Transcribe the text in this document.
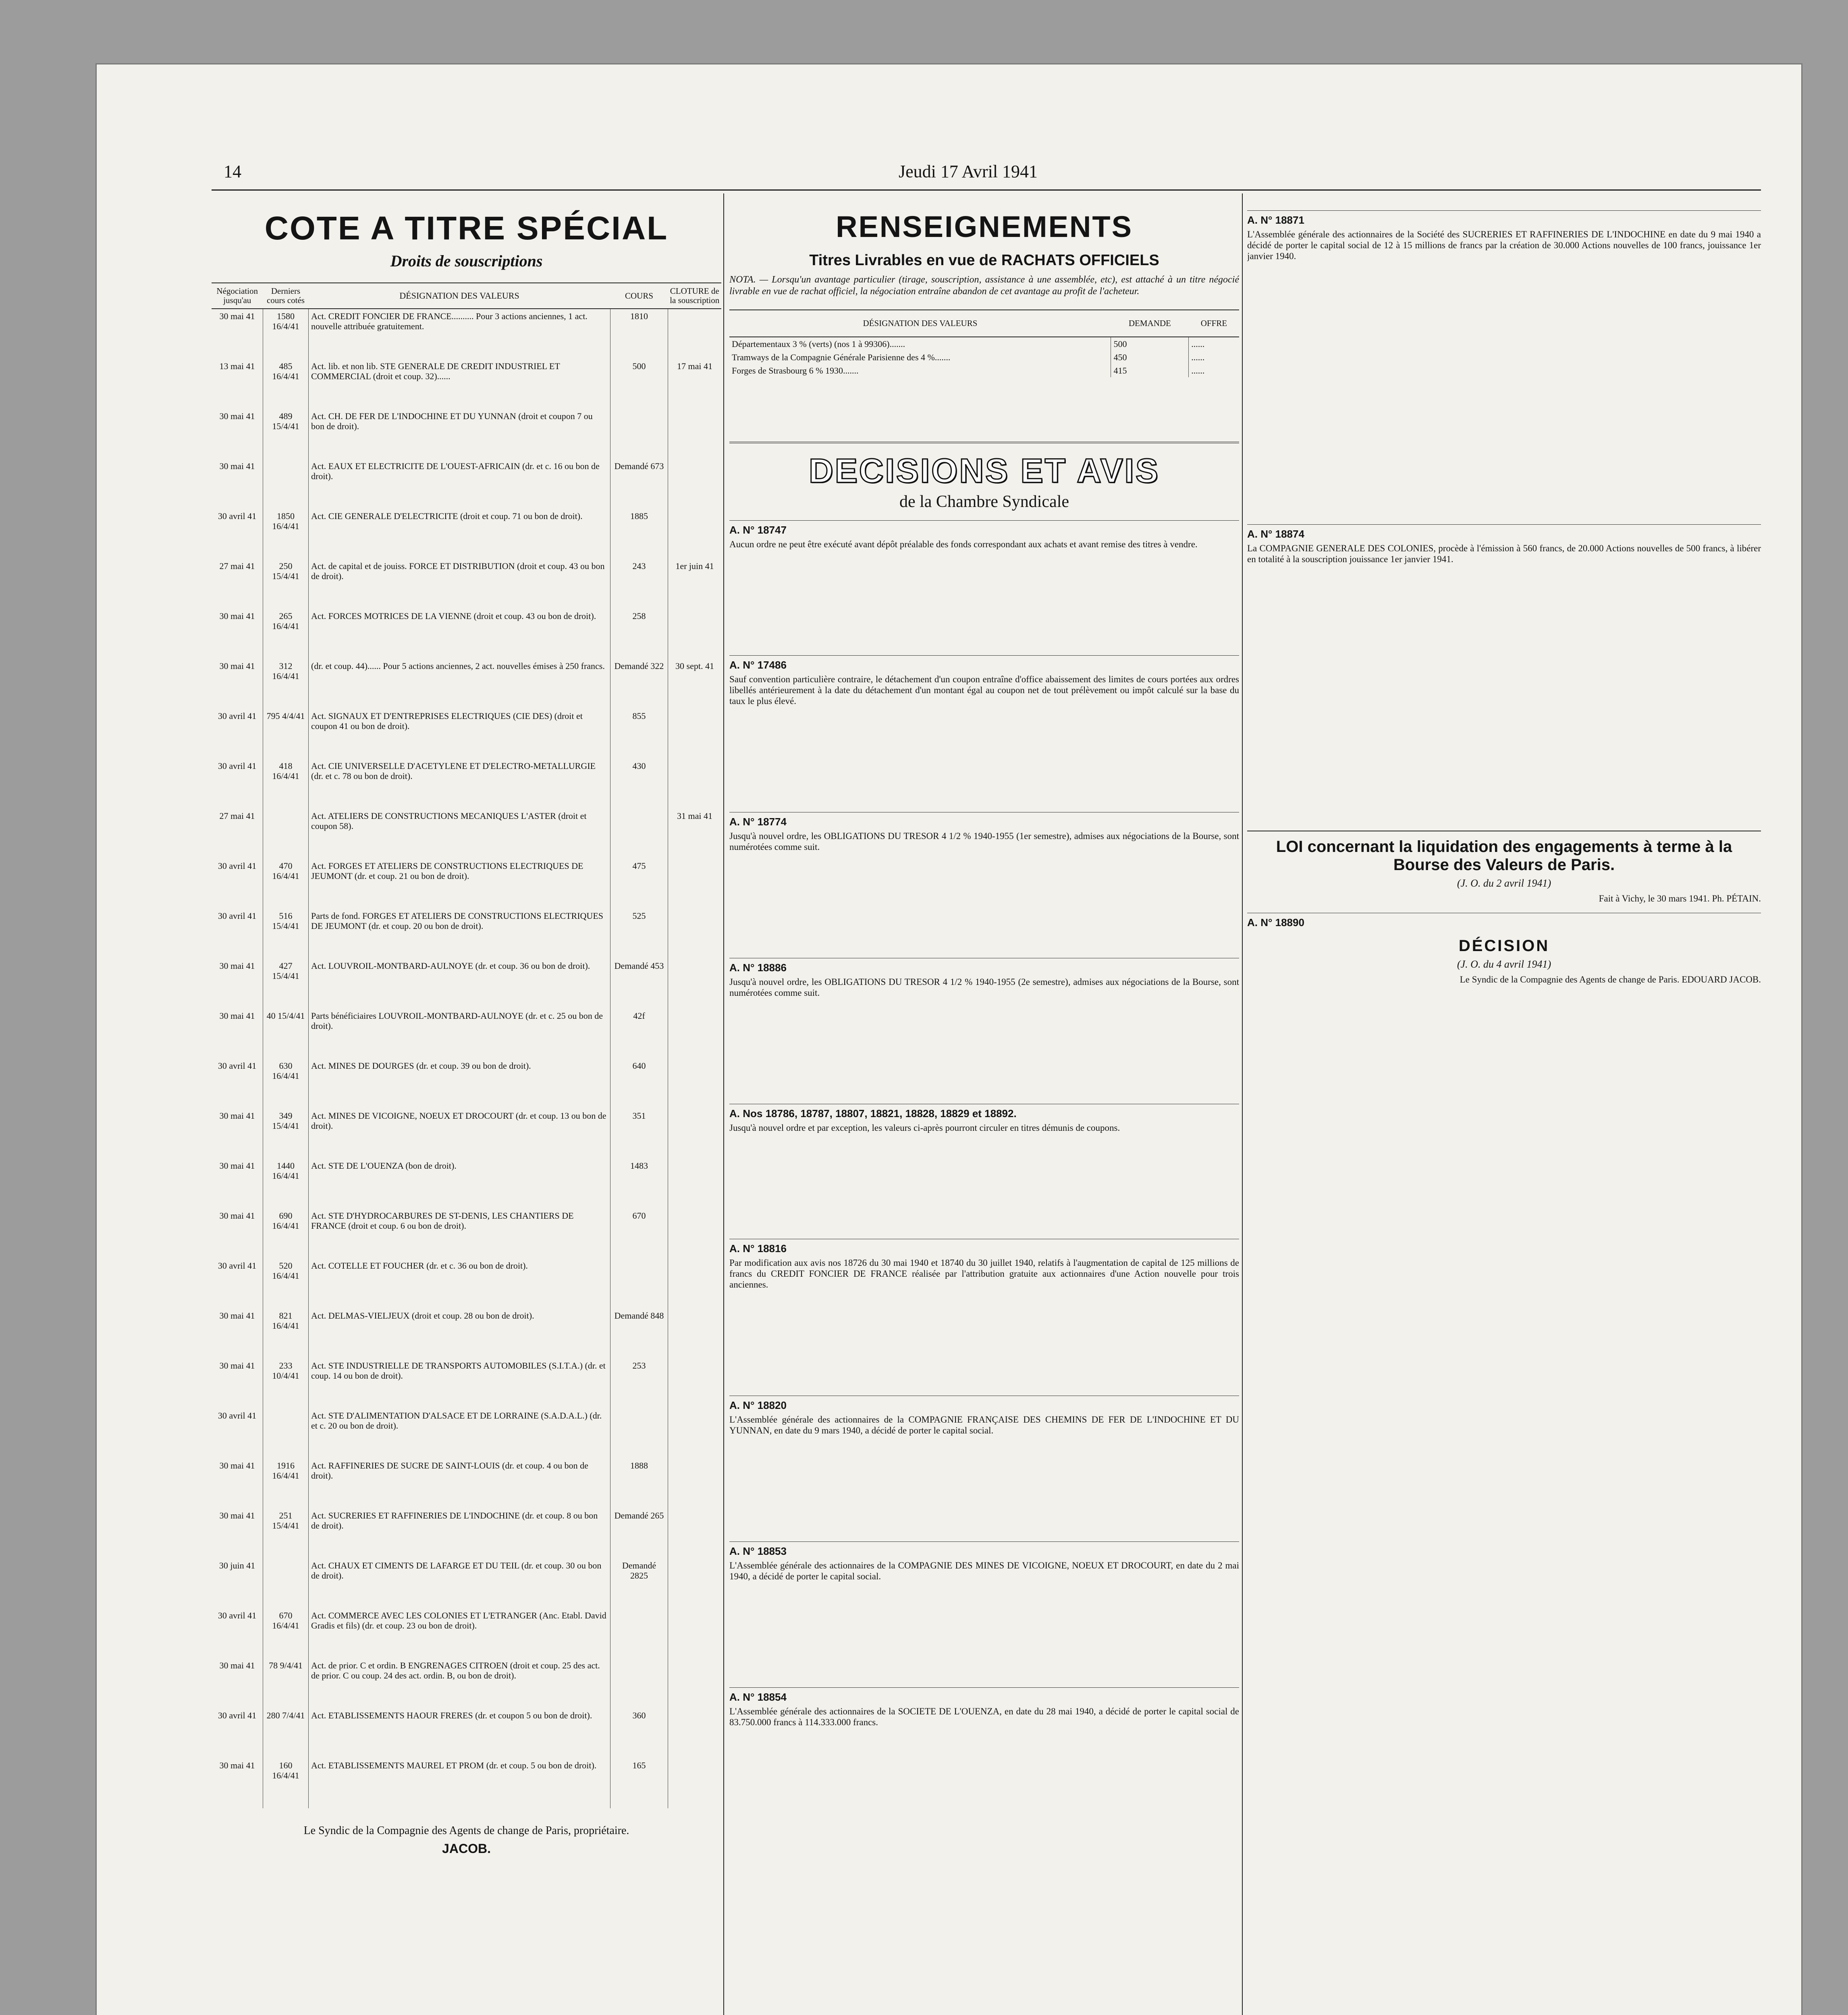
14	Jeudi 17 Avril 1941
COTE A TITRE SPÉCIAL
Droits de souscriptions
Négociation jusqu'au	Derniers cours cotés	DÉSIGNATION DES VALEURS	COURS	CLOTURE de la souscription
30 mai 41	1580 16/4/41	Act. CREDIT FONCIER DE FRANCE.......... Pour 3 actions anciennes, 1 act. nouvelle attribuée gratuitement.	1810	
13 mai 41	485 16/4/41	Act. lib. et non lib. STE GENERALE DE CREDIT INDUSTRIEL ET COMMERCIAL (droit et coup. 32)......	500	17 mai 41
30 mai 41	489 15/4/41	Act. CH. DE FER DE L'INDOCHINE ET DU YUNNAN (droit et coupon 7 ou bon de droit).		
30 mai 41		Act. EAUX ET ELECTRICITE DE L'OUEST-AFRICAIN (dr. et c. 16 ou bon de droit).	Demandé 673	
30 avril 41	1850 16/4/41	Act. CIE GENERALE D'ELECTRICITE (droit et coup. 71 ou bon de droit).	1885	
27 mai 41	250 15/4/41	Act. de capital et de jouiss. FORCE ET DISTRIBUTION (droit et coup. 43 ou bon de droit).	243	1er juin 41
30 mai 41	265 16/4/41	Act. FORCES MOTRICES DE LA VIENNE (droit et coup. 43 ou bon de droit).	258	
30 mai 41	312 16/4/41	(dr. et coup. 44)...... Pour 5 actions anciennes, 2 act. nouvelles émises à 250 francs.	Demandé 322	30 sept. 41
30 avril 41	795 4/4/41	Act. SIGNAUX ET D'ENTREPRISES ELECTRIQUES (CIE DES) (droit et coupon 41 ou bon de droit).	855	
30 avril 41	418 16/4/41	Act. CIE UNIVERSELLE D'ACETYLENE ET D'ELECTRO-METALLURGIE (dr. et c. 78 ou bon de droit).	430	
27 mai 41		Act. ATELIERS DE CONSTRUCTIONS MECANIQUES L'ASTER (droit et coupon 58).		31 mai 41
30 avril 41	470 16/4/41	Act. FORGES ET ATELIERS DE CONSTRUCTIONS ELECTRIQUES DE JEUMONT (dr. et coup. 21 ou bon de droit).	475	
30 avril 41	516 15/4/41	Parts de fond. FORGES ET ATELIERS DE CONSTRUCTIONS ELECTRIQUES DE JEUMONT (dr. et coup. 20 ou bon de droit).	525	
30 mai 41	427 15/4/41	Act. LOUVROIL-MONTBARD-AULNOYE (dr. et coup. 36 ou bon de droit).	Demandé 453	
30 mai 41	40 15/4/41	Parts bénéficiaires LOUVROIL-MONTBARD-AULNOYE (dr. et c. 25 ou bon de droit).	42f	
30 avril 41	630 16/4/41	Act. MINES DE DOURGES (dr. et coup. 39 ou bon de droit).	640	
30 mai 41	349 15/4/41	Act. MINES DE VICOIGNE, NOEUX ET DROCOURT (dr. et coup. 13 ou bon de droit).	351	
30 mai 41	1440 16/4/41	Act. STE DE L'OUENZA (bon de droit).	1483	
30 mai 41	690 16/4/41	Act. STE D'HYDROCARBURES DE ST-DENIS, LES CHANTIERS DE FRANCE (droit et coup. 6 ou bon de droit).	670	
30 avril 41	520 16/4/41	Act. COTELLE ET FOUCHER (dr. et c. 36 ou bon de droit).		
30 mai 41	821 16/4/41	Act. DELMAS-VIELJEUX (droit et coup. 28 ou bon de droit).	Demandé 848	
30 mai 41	233 10/4/41	Act. STE INDUSTRIELLE DE TRANSPORTS AUTOMOBILES (S.I.T.A.) (dr. et coup. 14 ou bon de droit).	253	
30 avril 41		Act. STE D'ALIMENTATION D'ALSACE ET DE LORRAINE (S.A.D.A.L.) (dr. et c. 20 ou bon de droit).		
30 mai 41	1916 16/4/41	Act. RAFFINERIES DE SUCRE DE SAINT-LOUIS (dr. et coup. 4 ou bon de droit).	1888	
30 mai 41	251 15/4/41	Act. SUCRERIES ET RAFFINERIES DE L'INDOCHINE (dr. et coup. 8 ou bon de droit).	Demandé 265	
30 juin 41		Act. CHAUX ET CIMENTS DE LAFARGE ET DU TEIL (dr. et coup. 30 ou bon de droit).	Demandé 2825	
30 avril 41	670 16/4/41	Act. COMMERCE AVEC LES COLONIES ET L'ETRANGER (Anc. Etabl. David Gradis et fils) (dr. et coup. 23 ou bon de droit).		
30 mai 41	78 9/4/41	Act. de prior. C et ordin. B ENGRENAGES CITROEN (droit et coup. 25 des act. de prior. C ou coup. 24 des act. ordin. B, ou bon de droit).		
30 avril 41	280 7/4/41	Act. ETABLISSEMENTS HAOUR FRERES (dr. et coupon 5 ou bon de droit).	360	
30 mai 41	160 16/4/41	Act. ETABLISSEMENTS MAUREL ET PROM (dr. et coup. 5 ou bon de droit).	165	
Le Syndic de la Compagnie des Agents de change de Paris, propriétaire.
JACOB.
RENSEIGNEMENTS
Titres Livrables en vue de RACHATS OFFICIELS
NOTA. — Lorsqu'un avantage particulier (tirage, souscription, assistance à une assemblée, etc), est attaché à un titre négocié livrable en vue de rachat officiel, la négociation entraîne abandon de cet avantage au profit de l'acheteur.
DÉSIGNATION DES VALEURS	DEMANDE	OFFRE
Départementaux 3 % (verts) (nos 1 à 99306).......	500	......
Tramways de la Compagnie Générale Parisienne des 4 %.......	450	......
Forges de Strasbourg 6 % 1930.......	415	......
DECISIONS ET AVIS
de la Chambre Syndicale
A. N° 18747
Aucun ordre ne peut être exécuté avant dépôt préalable des fonds correspondant aux achats et avant remise des titres à vendre.
A. N° 17486
Sauf convention particulière contraire, le détachement d'un coupon entraîne d'office abaissement des limites de cours portées aux ordres libellés antérieurement à la date du détachement d'un montant égal au coupon net de tout prélèvement ou impôt calculé sur la base du taux le plus élevé.
A. N° 18774
Jusqu'à nouvel ordre, les OBLIGATIONS DU TRESOR 4 1/2 % 1940-1955 (1er semestre), admises aux négociations de la Bourse, sont numérotées comme suit.
A. N° 18886
Jusqu'à nouvel ordre, les OBLIGATIONS DU TRESOR 4 1/2 % 1940-1955 (2e semestre), admises aux négociations de la Bourse, sont numérotées comme suit.
A. Nos 18786, 18787, 18807, 18821, 18828, 18829 et 18892.
Jusqu'à nouvel ordre et par exception, les valeurs ci-après pourront circuler en titres démunis de coupons.
A. N° 18816
Par modification aux avis nos 18726 du 30 mai 1940 et 18740 du 30 juillet 1940, relatifs à l'augmentation de capital de 125 millions de francs du CREDIT FONCIER DE FRANCE réalisée par l'attribution gratuite aux actionnaires d'une Action nouvelle pour trois anciennes.
A. N° 18820
L'Assemblée générale des actionnaires de la COMPAGNIE FRANÇAISE DES CHEMINS DE FER DE L'INDOCHINE ET DU YUNNAN, en date du 9 mars 1940, a décidé de porter le capital social.
A. N° 18853
L'Assemblée générale des actionnaires de la COMPAGNIE DES MINES DE VICOIGNE, NOEUX ET DROCOURT, en date du 2 mai 1940, a décidé de porter le capital social.
A. N° 18854
L'Assemblée générale des actionnaires de la SOCIETE DE L'OUENZA, en date du 28 mai 1940, a décidé de porter le capital social de 83.750.000 francs à 114.333.000 francs.
A. N° 18871
L'Assemblée générale des actionnaires de la Société des SUCRERIES ET RAFFINERIES DE L'INDOCHINE en date du 9 mai 1940 a décidé de porter le capital social de 12 à 15 millions de francs par la création de 30.000 Actions nouvelles de 100 francs, jouissance 1er janvier 1940.
A. N° 18874
La COMPAGNIE GENERALE DES COLONIES, procède à l'émission à 560 francs, de 20.000 Actions nouvelles de 500 francs, à libérer en totalité à la souscription jouissance 1er janvier 1941.
LOI concernant la liquidation des engagements à terme à la Bourse des Valeurs de Paris.
(J. O. du 2 avril 1941)
Fait à Vichy, le 30 mars 1941. Ph. PÉTAIN.
A. N° 18890
DÉCISION
(J. O. du 4 avril 1941)
Le Syndic de la Compagnie des Agents de change de Paris. EDOUARD JACOB.
